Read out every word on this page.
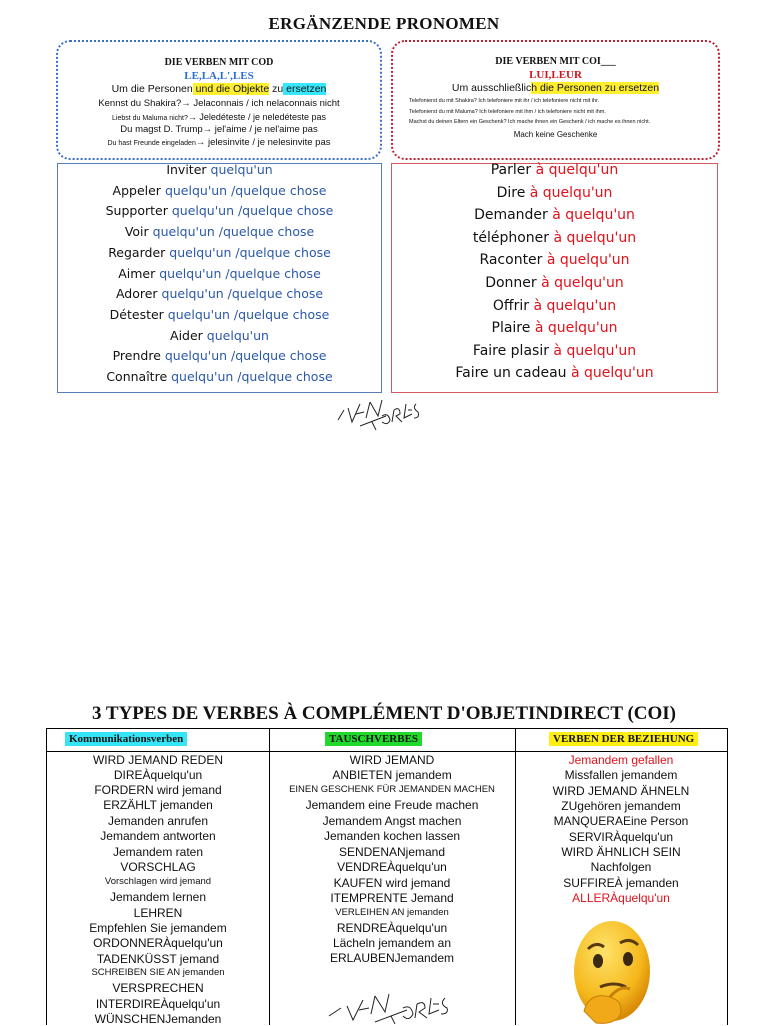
ERGÄNZENDE PRONOMEN
DIE VERBEN MIT COD
LE,LA,L',LES
Um die Personen und die Objekte zu ersetzen
Kennst du Shakira?→ Jelaconnais / ich nelaconnais nicht
Liebst du Maluma nicht?→ Jeledéteste / je neledéteste pas
Du magst D. Trump→ jel'aime / je nel'aime pas
Du hast Freunde eingeladen→ jelesinvite / je nelesinvite pas
DIE VERBEN MIT COI___
LUI,LEUR
Um ausschließlich die Personen zu ersetzen
Telefonierst du mit Shakira? Ich telefoniere mit ihr / ich telefoniere nicht mit ihr.
Telefonierst du mit Maluma? Ich telefoniere mit ihm / ich telefoniere nicht mit ihm.
Machst du deinen Eltern ein Geschenk? Ich mache ihnen ein Geschenk / ich mache es ihnen nicht.
Mach keine Geschenke
Inviter quelqu'un
Appeler quelqu'un /quelque chose
Supporter quelqu'un /quelque chose
Voir quelqu'un /quelque chose
Regarder quelqu'un /quelque chose
Aimer quelqu'un /quelque chose
Adorer quelqu'un /quelque chose
Détester quelqu'un /quelque chose
Aider quelqu'un
Prendre quelqu'un /quelque chose
Connaître quelqu'un /quelque chose
Parler à quelqu'un
Dire à quelqu'un
Demander à quelqu'un
téléphoner à quelqu'un
Raconter à quelqu'un
Donner à quelqu'un
Offrir à quelqu'un
Plaire à quelqu'un
Faire plasir à quelqu'un
Faire un cadeau à quelqu'un
3 TYPES DE VERBES À COMPLÉMENT D'OBJETINDIRECT (COI)
Kommunikationsverben
WIRD JEMAND REDEN
DIREÀquelqu'un
FORDERN wird jemand
ERZÄHLT jemanden
Jemanden anrufen
Jemandem antworten
Jemandem raten
VORSCHLAG
Vorschlagen wird jemand
Jemandem lernen
LEHREN
Empfehlen Sie jemandem
ORDONNERÀquelqu'un
TADENKÜSST jemand
SCHREIBEN SIE AN jemanden
VERSPRECHEN
INTERDIREÀquelqu'un
WÜNSCHENJemanden
TAUSCHVERBES
WIRD JEMAND
ANBIETEN jemandem
EINEN GESCHENK FÜR JEMANDEN MACHEN
Jemandem eine Freude machen
Jemandem Angst machen
Jemanden kochen lassen
SENDENANjemand
VENDREÀquelqu'un
KAUFEN wird jemand
ITEMPRENTE Jemand
VERLEIHEN AN jemanden
RENDREÀquelqu'un
Lächeln jemandem an
ERLAUBENJemandem
VERBEN DER BEZIEHUNG
Jemandem gefallen
Missfallen jemandem
WIRD JEMAND ÄHNELN
ZUgehören jemandem
MANQUERAEine Person
SERVIRÀquelqu'un
WIRD ÄHNLICH SEIN
Nachfolgen
SUFFIREÀ jemanden
ALLERÀquelqu'un
